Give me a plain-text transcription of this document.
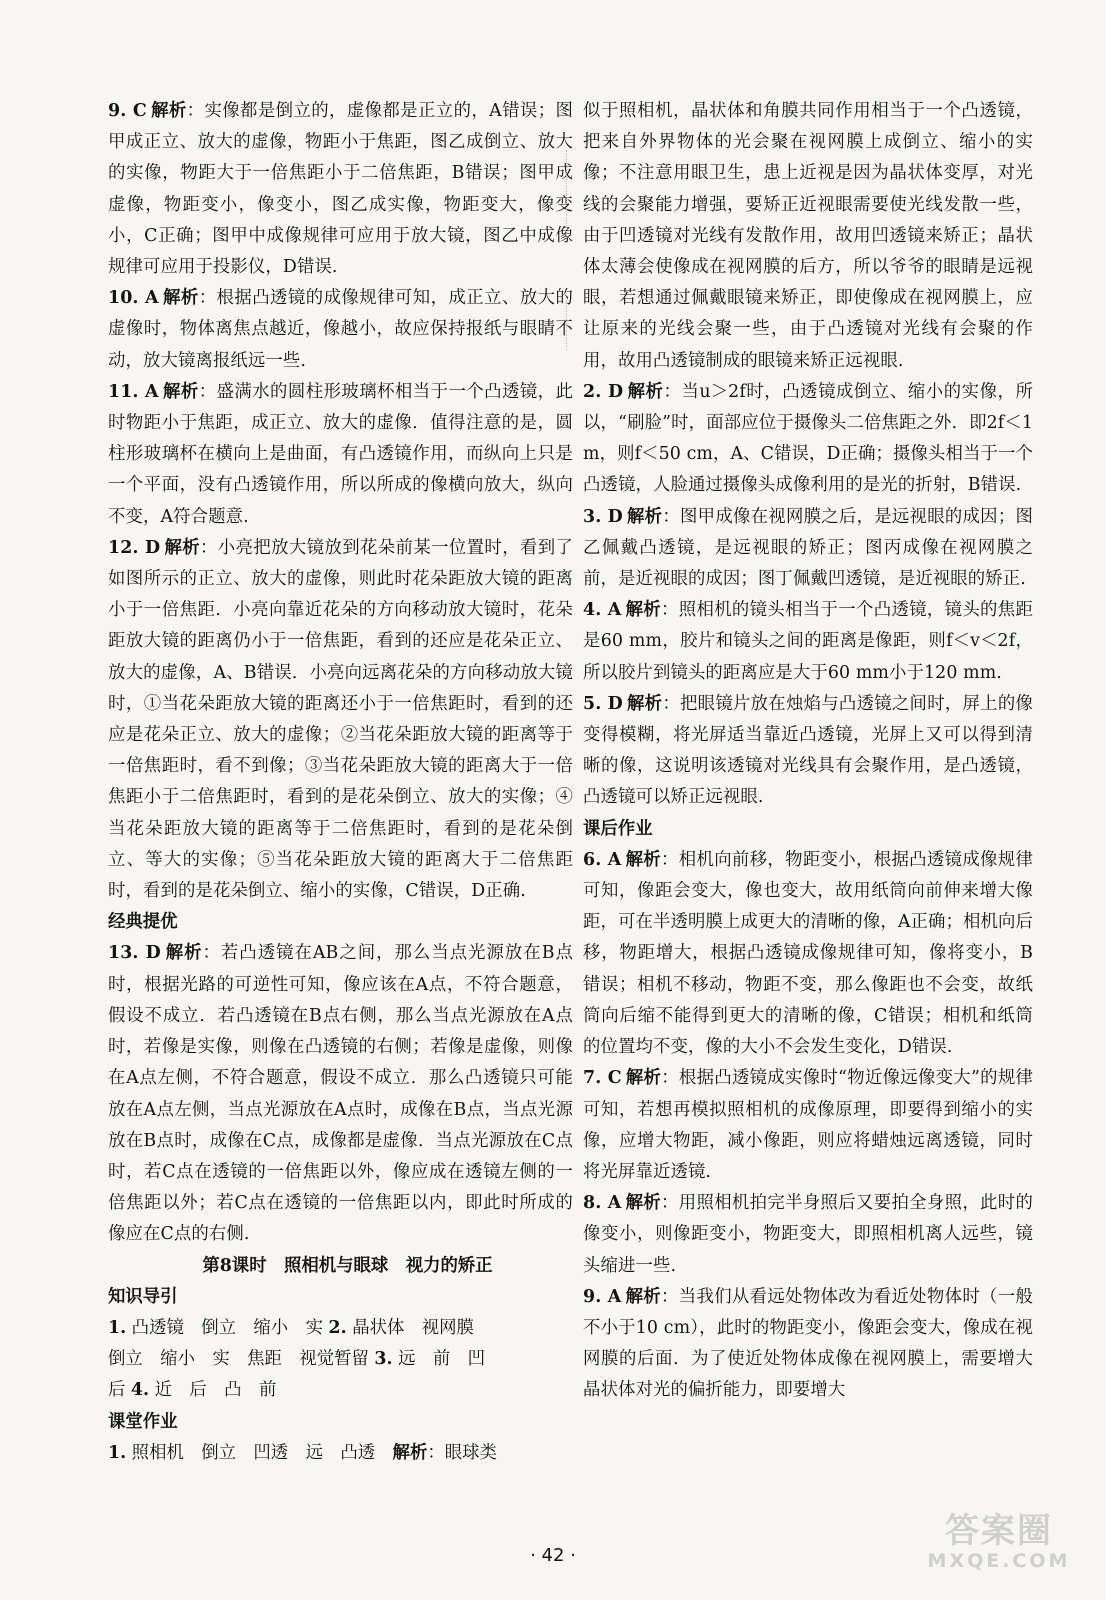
9. C 解析：实像都是倒立的，虚像都是正立的，A错误；图甲成正立、放大的虚像，物距小于焦距，图乙成倒立、放大的实像，物距大于一倍焦距小于二倍焦距，B错误；图甲成虚像，物距变小，像变小，图乙成实像，物距变大，像变小，C正确；图甲中成像规律可应用于放大镜，图乙中成像规律可应用于投影仪，D错误.

10. A 解析：根据凸透镜的成像规律可知，成正立、放大的虚像时，物体离焦点越近，像越小，故应保持报纸与眼睛不动，放大镜离报纸远一些.

11. A 解析：盛满水的圆柱形玻璃杯相当于一个凸透镜，此时物距小于焦距，成正立、放大的虚像．值得注意的是，圆柱形玻璃杯在横向上是曲面，有凸透镜作用，而纵向上只是一个平面，没有凸透镜作用，所以所成的像横向放大，纵向不变，A符合题意.

12. D 解析：小亮把放大镜放到花朵前某一位置时，看到了如图所示的正立、放大的虚像，则此时花朵距放大镜的距离小于一倍焦距．小亮向靠近花朵的方向移动放大镜时，花朵距放大镜的距离仍小于一倍焦距，看到的还应是花朵正立、放大的虚像，A、B错误．小亮向远离花朵的方向移动放大镜时，①当花朵距放大镜的距离还小于一倍焦距时，看到的还应是花朵正立、放大的虚像；②当花朵距放大镜的距离等于一倍焦距时，看不到像；③当花朵距放大镜的距离大于一倍焦距小于二倍焦距时，看到的是花朵倒立、放大的实像；④当花朵距放大镜的距离等于二倍焦距时，看到的是花朵倒立、等大的实像；⑤当花朵距放大镜的距离大于二倍焦距时，看到的是花朵倒立、缩小的实像，C错误，D正确.

经典提优

13. D 解析：若凸透镜在AB之间，那么当点光源放在B点时，根据光路的可逆性可知，像应该在A点，不符合题意，假设不成立．若凸透镜在B点右侧，那么当点光源放在A点时，若像是实像，则像在凸透镜的右侧；若像是虚像，则像在A点左侧，不符合题意，假设不成立．那么凸透镜只可能放在A点左侧，当点光源放在A点时，成像在B点，当点光源放在B点时，成像在C点，成像都是虚像．当点光源放在C点时，若C点在透镜的一倍焦距以外，像应成在透镜左侧的一倍焦距以外；若C点在透镜的一倍焦距以内，即此时所成的像应在C点的右侧.

第8课时　照相机与眼球　视力的矫正

知识导引

1. 凸透镜　倒立　缩小　实 2. 晶状体　视网膜

倒立　缩小　实　焦距　视觉暂留 3. 远　前　凹

后 4. 近　后　凸　前

课堂作业

1. 照相机　倒立　凹透　远　凸透　解析：眼球类

似于照相机，晶状体和角膜共同作用相当于一个凸透镜，把来自外界物体的光会聚在视网膜上成倒立、缩小的实像；不注意用眼卫生，患上近视是因为晶状体变厚，对光线的会聚能力增强，要矫正近视眼需要使光线发散一些，由于凹透镜对光线有发散作用，故用凹透镜来矫正；晶状体太薄会使像成在视网膜的后方，所以爷爷的眼睛是远视眼，若想通过佩戴眼镜来矫正，即使像成在视网膜上，应让原来的光线会聚一些，由于凸透镜对光线有会聚的作用，故用凸透镜制成的眼镜来矫正远视眼.

2. D 解析：当u＞2f时，凸透镜成倒立、缩小的实像，所以，“刷脸”时，面部应位于摄像头二倍焦距之外．即2f＜1 m，则f＜50 cm，A、C错误，D正确；摄像头相当于一个凸透镜，人脸通过摄像头成像利用的是光的折射，B错误.

3. D 解析：图甲成像在视网膜之后，是远视眼的成因；图乙佩戴凸透镜，是远视眼的矫正；图丙成像在视网膜之前，是近视眼的成因；图丁佩戴凹透镜，是近视眼的矫正.

4. A 解析：照相机的镜头相当于一个凸透镜，镜头的焦距是60 mm，胶片和镜头之间的距离是像距，则f＜v＜2f，所以胶片到镜头的距离应是大于60 mm小于120 mm.

5. D 解析：把眼镜片放在烛焰与凸透镜之间时，屏上的像变得模糊，将光屏适当靠近凸透镜，光屏上又可以得到清晰的像，这说明该透镜对光线具有会聚作用，是凸透镜，凸透镜可以矫正远视眼.

课后作业

6. A 解析：相机向前移，物距变小，根据凸透镜成像规律可知，像距会变大，像也变大，故用纸筒向前伸来增大像距，可在半透明膜上成更大的清晰的像，A正确；相机向后移，物距增大，根据凸透镜成像规律可知，像将变小，B错误；相机不移动，物距不变，那么像距也不会变，故纸筒向后缩不能得到更大的清晰的像，C错误；相机和纸筒的位置均不变，像的大小不会发生变化，D错误.

7. C 解析：根据凸透镜成实像时“物近像远像变大”的规律可知，若想再模拟照相机的成像原理，即要得到缩小的实像，应增大物距，减小像距，则应将蜡烛远离透镜，同时将光屏靠近透镜.

8. A 解析：用照相机拍完半身照后又要拍全身照，此时的像变小，则像距变小，物距变大，即照相机离人远些，镜头缩进一些.

9. A 解析：当我们从看远处物体改为看近处物体时（一般不小于10 cm），此时的物距变小，像距会变大，像成在视网膜的后面．为了使近处物体成像在视网膜上，需要增大晶状体对光的偏折能力，即要增大

· 42 ·
答案圈
MXQE.COM
